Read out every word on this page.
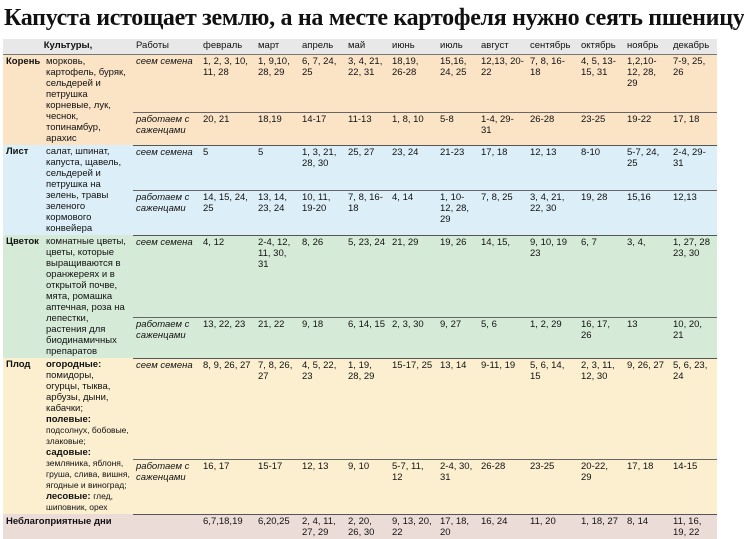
Капуста истощает землю, а на месте картофеля нужно сеять пшеницу
Культуры,		Работы	февраль	март	апрель	май	июнь	июль	август	сентябрь	октябрь	ноябрь	декабрь
Корень	морковь, картофель, буряк, сельдерей и петрушка корневые, лук, чеснок, топинамбур, арахис	сеем семена	1, 2, 3, 10, 11, 28	1, 9,10, 28, 29	6, 7, 24, 25	3, 4, 21, 22, 31	18,19, 26-28	15,16, 24, 25	12,13, 20-22	7, 8, 16-18	4, 5, 13-15, 31	1,2,10-12, 28, 29	7-9, 25, 26
		работаем с саженцами	20, 21	18,19	14-17	11-13	1, 8, 10	5-8	1-4, 29-31	26-28	23-25	19-22	17, 18
Лист	салат, шпинат, капуста, щавель, сельдерей и петрушка на зелень, травы зеленого кормового конвейера	сеем семена	5	5	1, 3, 21, 28, 30	25, 27	23, 24	21-23	17, 18	12, 13	8-10	5-7, 24, 25	2-4, 29-31
		работаем с саженцами	14, 15, 24, 25	13, 14, 23, 24	10, 11, 19-20	7, 8, 16-18	4, 14	1, 10-12, 28, 29	7, 8, 25	3, 4, 21, 22, 30	19, 28	15,16	12,13
Цветок	комнатные цветы, цветы, которые выращиваются в оранжереях и в открытой почве, мята, ромашка аптечная, роза на лепестки, растения для биодинамичных препаратов	сеем семена	4, 12	2-4, 12, 11, 30, 31	8, 26	5, 23, 24	21, 29	19, 26	14, 15,	9, 10, 19 23	6, 7	3, 4,	1, 27, 28 23, 30
		работаем с саженцами	13, 22, 23	21, 22	9, 18	6, 14, 15	2, 3, 30	9, 27	5, 6	1, 2, 29	16, 17, 26	13	10, 20, 21
Плод	огородные: помидоры, огурцы, тыква, арбузы, дыни, кабачки; полевые: подсолнух, бобовые, злаковые; садовые: земляника, яблоня, груша, слива, вишня, ягодные и виноград; лесовые: глед, шиповник, орех	сеем семена	8, 9, 26, 27	7, 8, 26, 27	4, 5, 22, 23	1, 19, 28, 29	15-17, 25	13, 14	9-11, 19	5, 6, 14, 15	2, 3, 11, 12, 30	9, 26, 27	5, 6, 23, 24
		работаем с саженцами	16, 17	15-17	12, 13	9, 10	5-7, 11, 12	2-4, 30, 31	26-28	23-25	20-22, 29	17, 18	14-15
Неблагоприятные дни			6,7,18,19	6,20,25	2, 4, 11, 27, 29	2, 20, 26, 30	9, 13, 20, 22	17, 18, 20	16, 24	11, 20	1, 18, 27	8, 14	11, 16, 19, 22
